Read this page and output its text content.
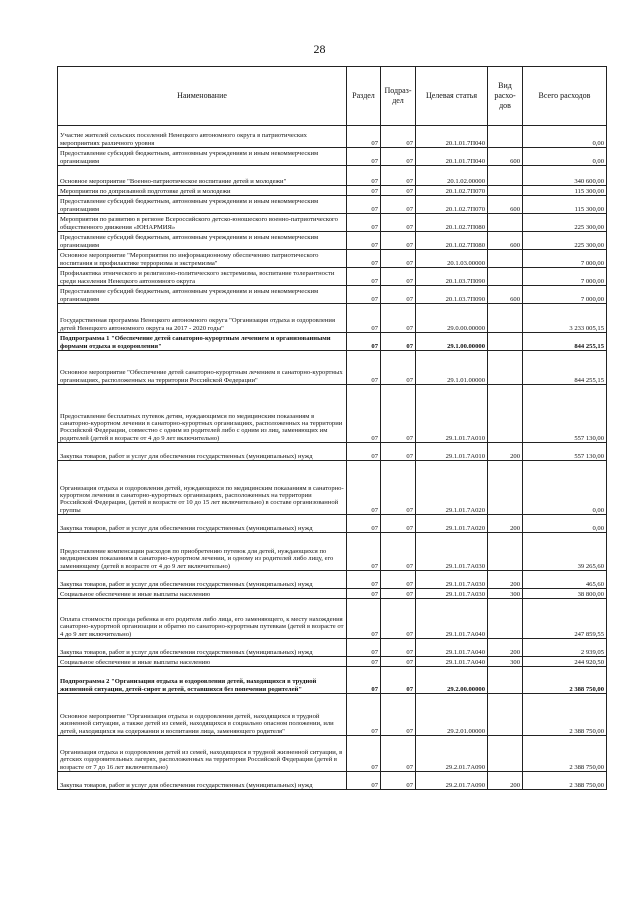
28
Наименование	Раздел	Подраз-дел	Целевая статья	Вид расхо-дов	Всего расходов
Участие жителей сельских поселений Ненецкого автономного округа в патриотических мероприятиях различного уровня	07	07	20.1.01.7П040		0,00
Предоставление субсидий бюджетным, автономным учреждениям и иным некоммерческим организациям	07	07	20.1.01.7П040	600	0,00
Основное мероприятие "Военно-патриотическое воспитание детей и молодежи"	07	07	20.1.02.00000		340 600,00
Мероприятия по допризывной подготовке детей и молодежи	07	07	20.1.02.7П070		115 300,00
Предоставление субсидий бюджетным, автономным учреждениям и иным некоммерческим организациям	07	07	20.1.02.7П070	600	115 300,00
Мероприятия по развитию в регионе Всероссийского детско-юношеского военно-патриотического общественного движения «ЮНАРМИЯ»	07	07	20.1.02.7П080		225 300,00
Предоставление субсидий бюджетным, автономным учреждениям и иным некоммерческим организациям	07	07	20.1.02.7П080	600	225 300,00
Основное мероприятие "Мероприятия по информационному обеспечению патриотического воспитания и профилактике терроризма и экстремизма"	07	07	20.1.03.00000		7 000,00
Профилактика этнического и религиозно-политического экстремизма, воспитание толерантности среди населения Ненецкого автономного округа	07	07	20.1.03.7П090		7 000,00
Предоставление субсидий бюджетным, автономным учреждениям и иным некоммерческим организациям	07	07	20.1.03.7П090	600	7 000,00
Государственная программа Ненецкого автономного округа "Организация отдыха и оздоровления детей Ненецкого автономного округа на 2017 - 2020 годы"	07	07	29.0.00.00000		3 233 005,15
Подпрограмма 1 "Обеспечение детей санаторно-курортным лечением и организованными формами отдыха и оздоровления"	07	07	29.1.00.00000		844 255,15
Основное мероприятие "Обеспечение детей санаторно-курортным лечением в санаторно-курортных организациях, расположенных на территории Российской Федерации"	07	07	29.1.01.00000		844 255,15
Предоставление бесплатных путевок детям, нуждающимся по медицинским показаниям в санаторно-курортном лечении в санаторно-курортных организациях, расположенных на территории Российской Федерации, совместно с одним из родителей либо с одним из лиц, заменяющих им родителей (детей в возрасте от 4 до 9 лет включительно)	07	07	29.1.01.7А010		557 130,00
Закупка товаров, работ и услуг для обеспечения государственных (муниципальных) нужд	07	07	29.1.01.7А010	200	557 130,00
Организация отдыха и оздоровления детей, нуждающихся по медицинским показаниям в санаторно-курортном лечении в санаторно-курортных организациях, расположенных на территории Российской Федерации, (детей в возрасте от 10 до 15 лет включительно) в составе организованной группы	07	07	29.1.01.7А020		0,00
Закупка товаров, работ и услуг для обеспечения государственных (муниципальных) нужд	07	07	29.1.01.7А020	200	0,00
Предоставление компенсации расходов по приобретению путевок для детей, нуждающихся по медицинским показаниям в санаторно-курортном лечении, и одному из родителей либо лицу, его заменяющему (детей в возрасте от 4 до 9 лет включительно)	07	07	29.1.01.7А030		39 265,60
Закупка товаров, работ и услуг для обеспечения государственных (муниципальных) нужд	07	07	29.1.01.7А030	200	465,60
Социальное обеспечение и иные выплаты населению	07	07	29.1.01.7А030	300	38 800,00
Оплата стоимости проезда ребенка и его родителя либо лица, его заменяющего, к месту нахождения санаторно-курортной организации и обратно по санаторно-курортным путевкам (детей в возрасте от 4 до 9 лет включительно)	07	07	29.1.01.7А040		247 859,55
Закупка товаров, работ и услуг для обеспечения государственных (муниципальных) нужд	07	07	29.1.01.7А040	200	2 939,05
Социальное обеспечение и иные выплаты населению	07	07	29.1.01.7А040	300	244 920,50
Подпрограмма 2 "Организация отдыха и оздоровления детей, находящихся в трудной жизненной ситуации, детей-сирот и детей, оставшихся без попечения родителей"	07	07	29.2.00.00000		2 388 750,00
Основное мероприятие "Организация отдыха и оздоровления детей, находящихся в трудной жизненной ситуации, а также детей из семей, находящихся в социально опасном положении, или детей, находящихся на содержании и воспитании лица, заменяющего родителя"	07	07	29.2.01.00000		2 388 750,00
Организация отдыха и оздоровления детей из семей, находящихся в трудной жизненной ситуации, в детских оздоровительных лагерях, расположенных на территории Российской Федерации (детей в возрасте от 7 до 16 лет включительно)	07	07	29.2.01.7А090		2 388 750,00
Закупка товаров, работ и услуг для обеспечения государственных (муниципальных) нужд	07	07	29.2.01.7А090	200	2 388 750,00
